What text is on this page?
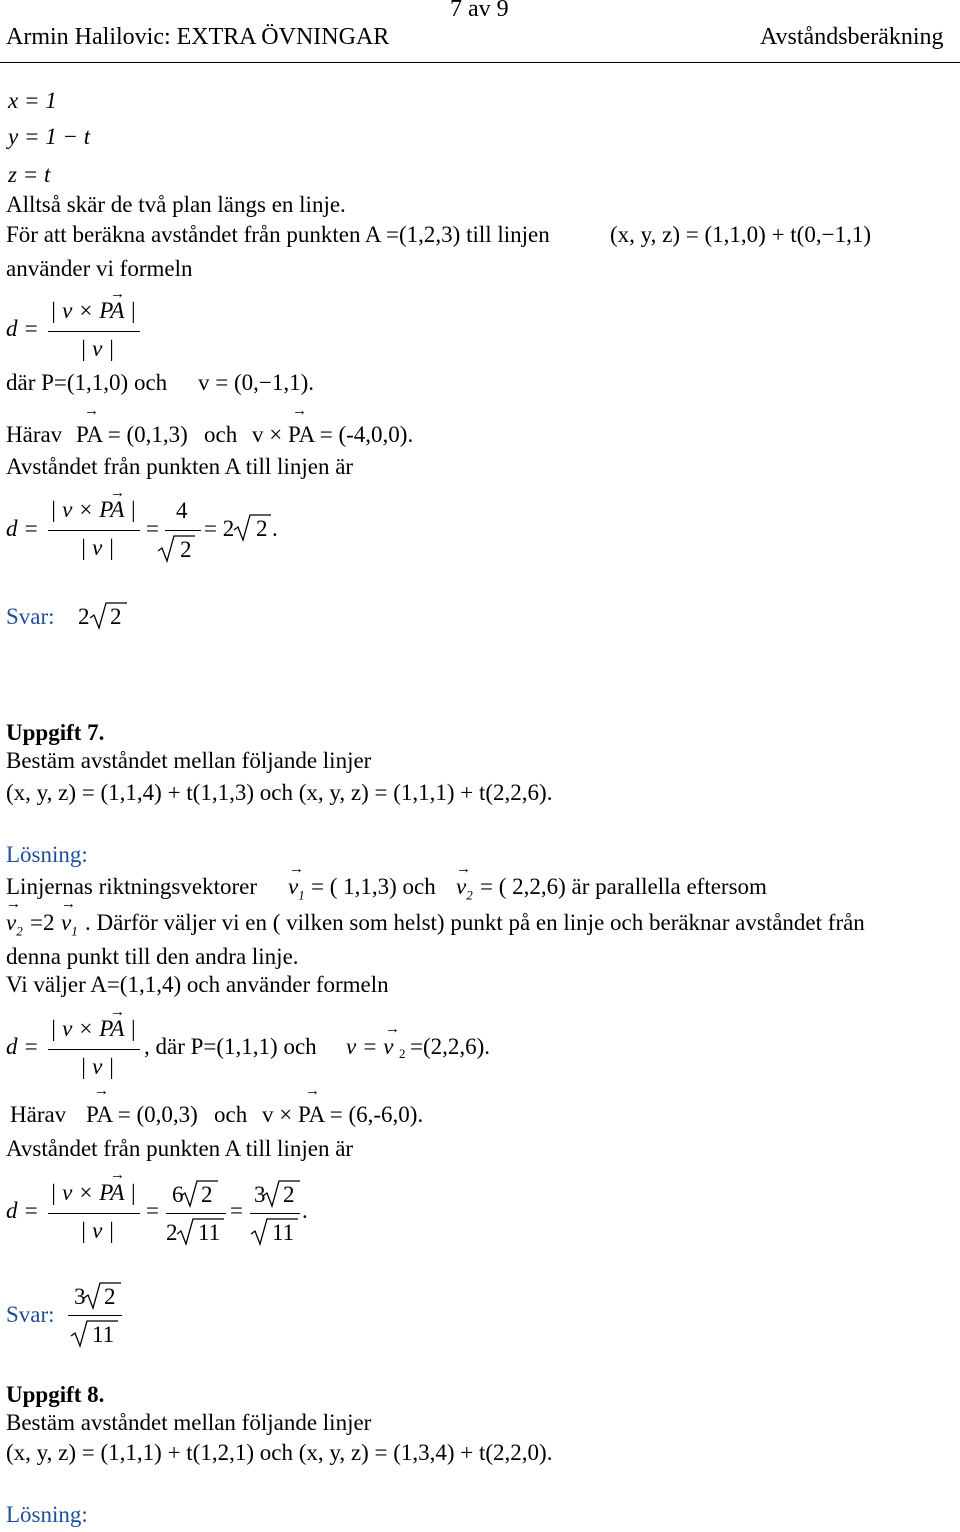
7 av 9
Armin Halilovic: EXTRA ÖVNINGAR	Avståndsberäkning
x = 1
y = 1 − t
z = t
Alltså skär de två plan längs en linje.
För att beräkna avståndet från punkten A =(1,2,3) till linjen	(x, y, z) = (1,1,0) + t(0,−1,1)
använder vi formeln
d =
→
| v × PA |
| v |
där P=(1,1,0) och v = (0,−1,1).
Härav
→
PA = (0,1,3) och
→
v × PA = (-4,0,0).
Avståndet från punkten A till linjen är
d =
→
| v × PA |
| v |
=
4
2
= 2 2 .
Svar: 2 2
Uppgift 7.
Bestäm avståndet mellan följande linjer
(x, y, z) = (1,1,4) + t(1,1,3) och (x, y, z) = (1,1,1) + t(2,2,6).
Lösning:
Linjernas riktningsvektorer
→
$v_1$ = ( 1,1,3) och
→
$v_2$ = ( 2,2,6) är parallella eftersom
→
$v_2 =2$
→
$v_1$ . Därför väljer vi en ( vilken som helst) punkt på en linje och beräknar avståndet från
denna punkt till den andra linje.
Vi väljer A=(1,1,4) och använder formeln
d =
→
| v × PA |
| v |
, där P=(1,1,1) och
→
v = v 2 =(2,2,6).
Härav
→
PA = (0,0,3) och
→
v × PA = (6,-6,0).
Avståndet från punkten A till linjen är
d =
→
| v × PA |
| v |
=
6 2
2 11
=
3 2
11
.
Svar:
3 2
11
Uppgift 8.
Bestäm avståndet mellan följande linjer
(x, y, z) = (1,1,1) + t(1,2,1) och (x, y, z) = (1,3,4) + t(2,2,0).
Lösning:
